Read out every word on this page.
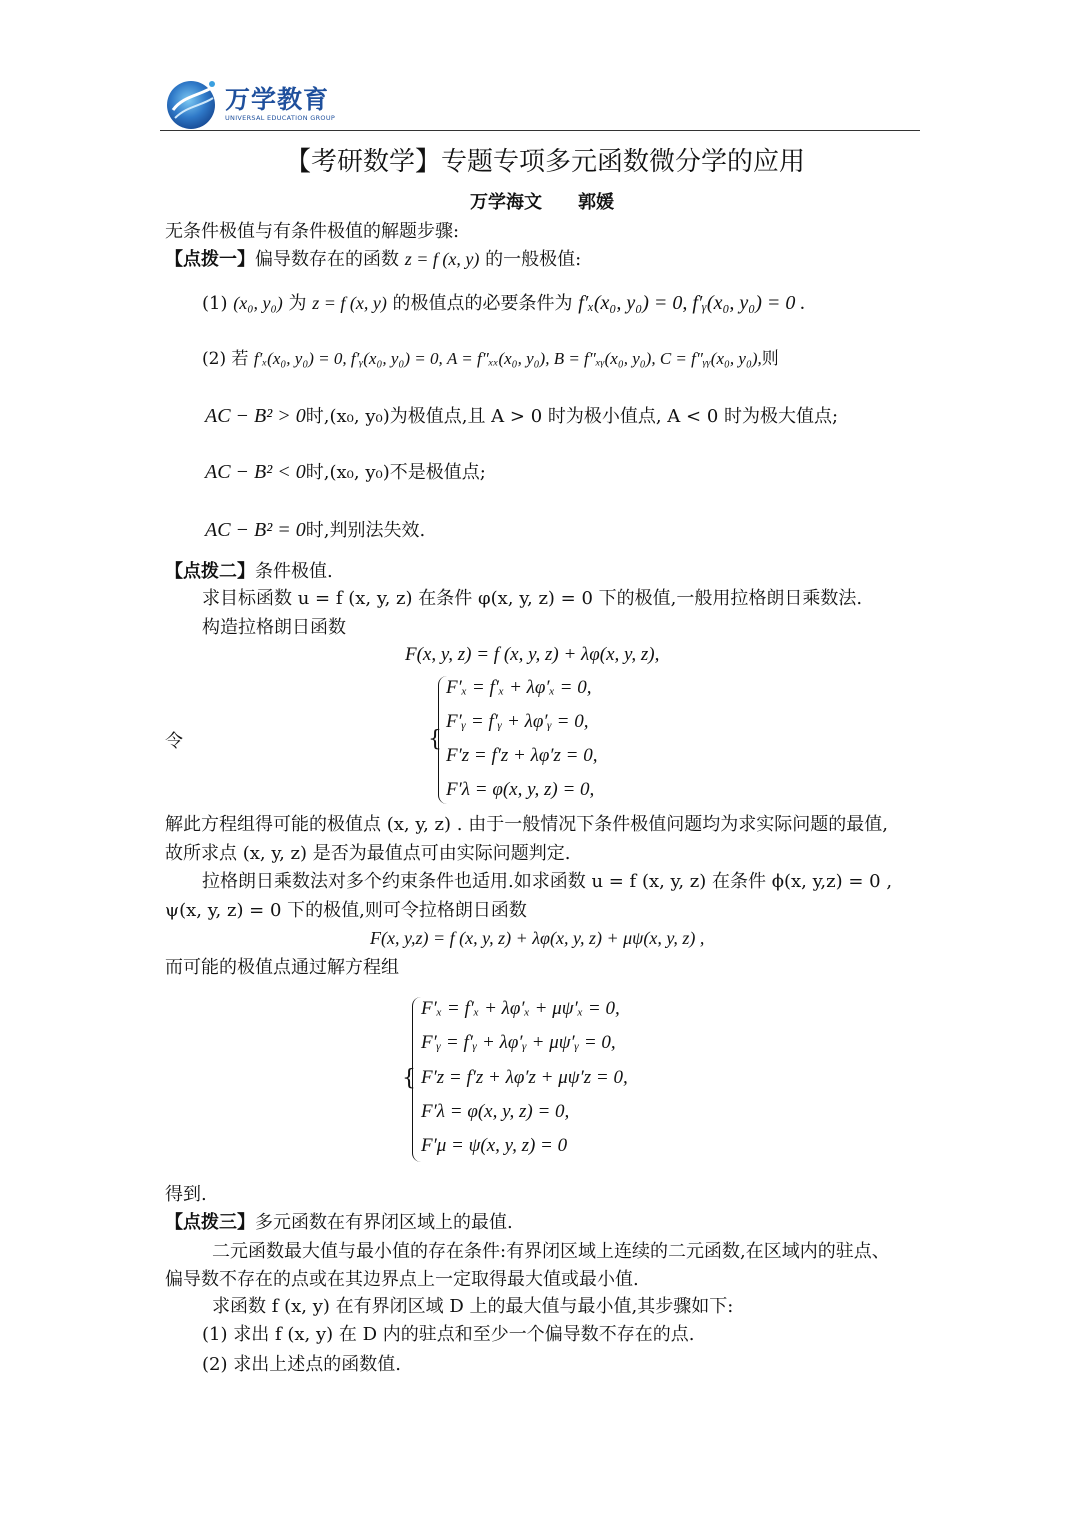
万学教育
UNIVERSAL EDUCATION GROUP
【考研数学】专题专项多元函数微分学的应用
万学海文　　郭媛
无条件极值与有条件极值的解题步骤:
【点拨一】偏导数存在的函数 z = f (x, y) 的一般极值:
(1) (x₀, y₀) 为 z = f (x, y) 的极值点的必要条件为 f′ₓ(x₀, y₀) = 0, f′ᵧ(x₀, y₀) = 0 .
(2) 若 f′ₓ(x₀, y₀) = 0, f′ᵧ(x₀, y₀) = 0, A = f″ₓₓ(x₀, y₀), B = f″ₓᵧ(x₀, y₀), C = f″ᵧᵧ(x₀, y₀),则
AC − B² > 0时,(x₀, y₀)为极值点,且 A > 0 时为极小值点, A < 0 时为极大值点;
AC − B² < 0时,(x₀, y₀)不是极值点;
AC − B² = 0时,判别法失效.
【点拨二】条件极值.
求目标函数 u = f (x, y, z) 在条件 φ(x, y, z) = 0 下的极值,一般用拉格朗日乘数法.
构造拉格朗日函数
F(x, y, z) = f (x, y, z) + λφ(x, y, z),
令	{
F′ₓ = f′ₓ + λφ′ₓ = 0,
F′ᵧ = f′ᵧ + λφ′ᵧ = 0,
F′z = f′z + λφ′z = 0,
F′λ = φ(x, y, z) = 0,
解此方程组得可能的极值点 (x, y, z) . 由于一般情况下条件极值问题均为求实际问题的最值,
故所求点 (x, y, z) 是否为最值点可由实际问题判定.
拉格朗日乘数法对多个约束条件也适用.如求函数 u = f (x, y, z) 在条件 ϕ(x, y,z) = 0 ,
ψ(x, y, z) = 0 下的极值,则可令拉格朗日函数
F(x, y,z) = f (x, y, z) + λφ(x, y, z) + μψ(x, y, z) ,
而可能的极值点通过解方程组
{
F′ₓ = f′ₓ + λφ′ₓ + μψ′ₓ = 0,
F′ᵧ = f′ᵧ + λφ′ᵧ + μψ′ᵧ = 0,
F′z = f′z + λφ′z + μψ′z = 0,
F′λ = φ(x, y, z) = 0,
F′μ = ψ(x, y, z) = 0
得到.
【点拨三】多元函数在有界闭区域上的最值.
二元函数最大值与最小值的存在条件:有界闭区域上连续的二元函数,在区域内的驻点、
偏导数不存在的点或在其边界点上一定取得最大值或最小值.
求函数 f (x, y) 在有界闭区域 D 上的最大值与最小值,其步骤如下:
(1) 求出 f (x, y) 在 D 内的驻点和至少一个偏导数不存在的点.
(2) 求出上述点的函数值.
